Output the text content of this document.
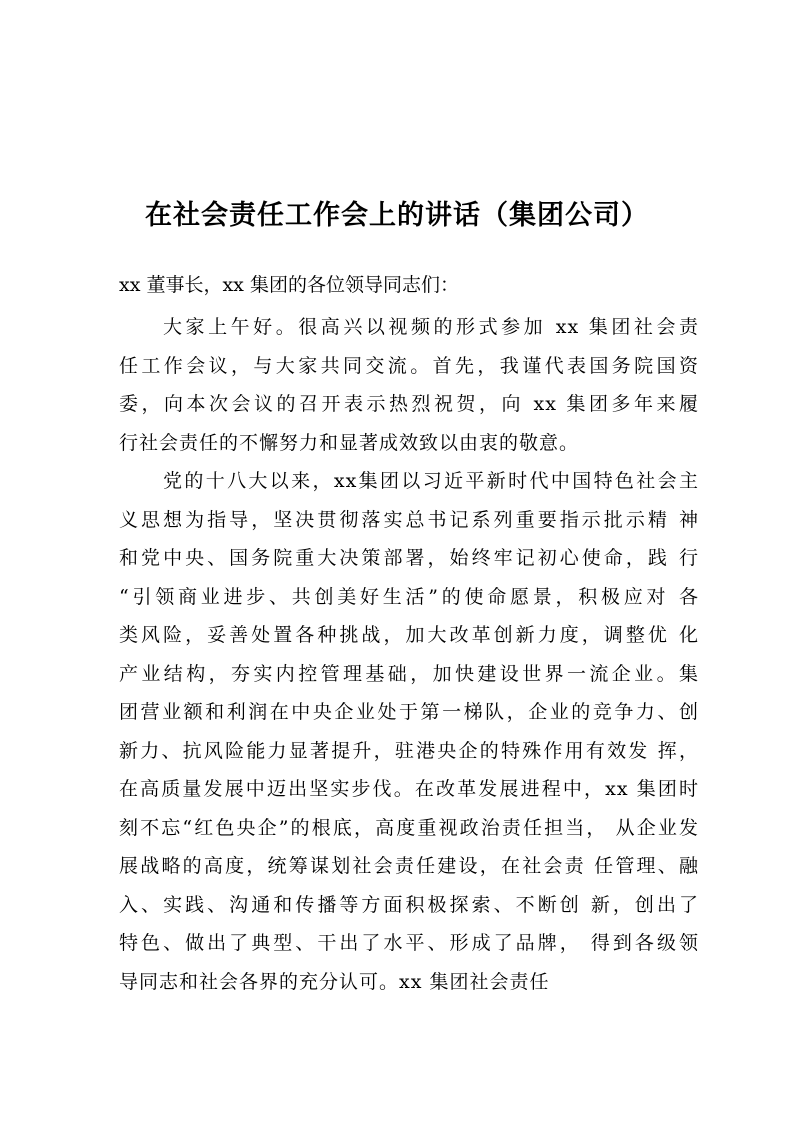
在社会责任工作会上的讲话（集团公司）

xx 董事长，xx 集团的各位领导同志们：

大家上午好。很高兴以视频的形式参加 xx 集团社会责
任工作会议，与大家共同交流。首先，我谨代表国务院国资
委，向本次会议的召开表示热烈祝贺，向 xx 集团多年来履
行社会责任的不懈努力和显著成效致以由衷的敬意。
党的十八大以来，xx集团以习近平新时代中国特色社会主
义思想为指导，坚决贯彻落实总书记系列重要指示批示精 神
和党中央、国务院重大决策部署，始终牢记初心使命，践 行
“引领商业进步、共创美好生活”的使命愿景，积极应对 各
类风险，妥善处置各种挑战，加大改革创新力度，调整优 化
产业结构，夯实内控管理基础，加快建设世界一流企业。集
团营业额和利润在中央企业处于第一梯队，企业的竞争力、创
新力、抗风险能力显著提升，驻港央企的特殊作用有效发 挥，
在高质量发展中迈出坚实步伐。在改革发展进程中，xx 集团时
刻不忘“红色央企”的根底，高度重视政治责任担当， 从企业发
展战略的高度，统筹谋划社会责任建设，在社会责 任管理、融
入、实践、沟通和传播等方面积极探索、不断创 新，创出了
特色、做出了典型、干出了水平、形成了品牌， 得到各级领
导同志和社会各界的充分认可。xx 集团社会责任
